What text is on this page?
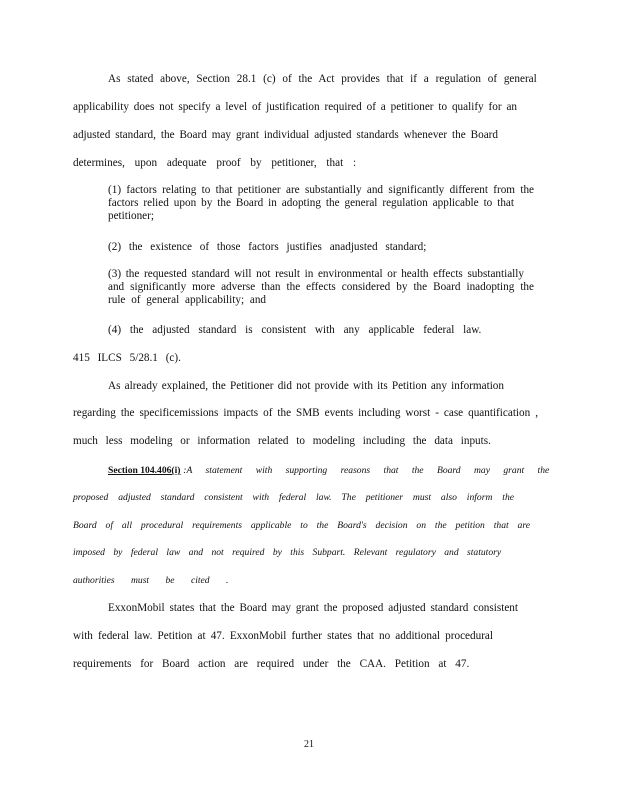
As stated above, Section 28.1 (c) of the Act provides that if a regulation of general
applicability does not specify a level of justification required of a petitioner to qualify for an
adjusted standard, the Board may grant individual adjusted standards whenever the Board
determines, upon adequate proof by petitioner, that :
(1) factors relating to that petitioner are substantially and significantly different from the
factors relied upon by the Board in adopting the general regulation applicable to that
petitioner;
(2) the existence of those factors justifies anadjusted standard;
(3) the requested standard will not result in environmental or health effects substantially
and significantly more adverse than the effects considered by the Board inadopting the
rule of general applicability; and
(4) the adjusted standard is consistent with any applicable federal law.
415 ILCS 5/28.1 (c).
As already explained, the Petitioner did not provide with its Petition any information
regarding the specificemissions impacts of the SMB events including worst - case quantification ,
much less modeling or information related to modeling including the data inputs.
Section 104.406(i) :A statement with supporting reasons that the Board may grant the
proposed adjusted standard consistent with federal law. The petitioner must also inform the
Board of all procedural requirements applicable to the Board's decision on the petition that are
imposed by federal law and not required by this Subpart. Relevant regulatory and statutory
authorities must be cited .
ExxonMobil states that the Board may grant the proposed adjusted standard consistent
with federal law. Petition at 47. ExxonMobil further states that no additional procedural
requirements for Board action are required under the CAA. Petition at 47.
21
